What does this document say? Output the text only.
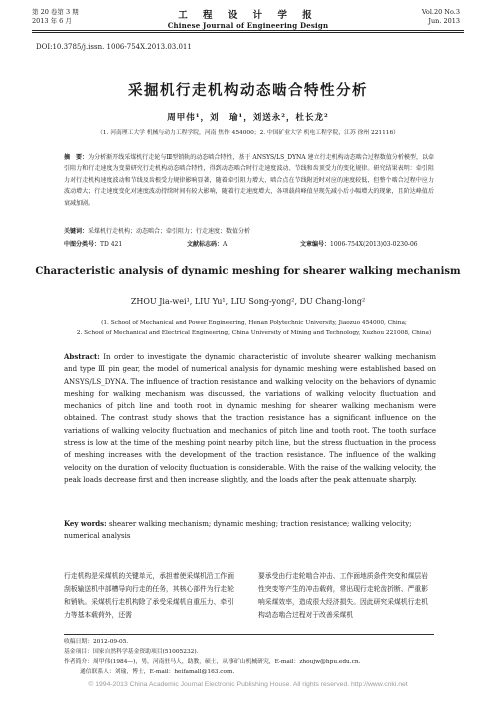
第 20 卷第 3 期
2013 年 6 月	工 程 设 计 学 报
Chinese Journal of Engineering Design
Vol.20 No.3
Jun. 2013
DOI:10.3785/j.issn. 1006-754X.2013.03.011
采掘机行走机构动态啮合特性分析
周甲伟¹，刘　瑜¹，刘送永²，杜长龙²
（1. 河南理工大学 机械与动力工程学院，河南 焦作 454000；2. 中国矿业大学 机电工程学院，江苏 徐州 221116）
摘　要：为分析渐开线采煤机行走轮与Ⅲ型销轨的动态啮合特性，基于 ANSYS/LS_DYNA 建立行走机构动态啮合过程数值分析模型，以牵引阻力和行走速度为变量研究行走机构动态啮合特性，得到动态啮合时行走速度波动、节线和齿顶受力的变化规律。研究结果表明：牵引阻力对行走机构速度波动和节线及齿根受力规律影响显著，随着牵引阻力增大，啮合点在节线附近时对应的速度较低，但整个啮合过程中应力波动增大；行走速度变化对速度波动持续时间有较大影响，随着行走速度增大，各项载荷峰值呈现先减小后小幅增大的现象，且阶达峰值后衰减加剧。
关键词：采煤机行走机构；动态啮合；牵引阻力；行走速度；数值分析
中图分类号：TD 421	文献标志码：A	文章编号：1006-754X(2013)03-0230-06
Characteristic analysis of dynamic meshing for shearer walking mechanism
ZHOU Jia-wei¹, LIU Yu¹, LIU Song-yong², DU Chang-long²
(1. School of Mechanical and Power Engineering, Henan Polytechnic University, Jiaozuo 454000, China;
2. School of Mechanical and Electrical Engineering, China University of Mining and Technology, Xuzhou 221008, China)
Abstract: In order to investigate the dynamic characteristic of involute shearer walking mechanism and type Ⅲ pin gear, the model of numerical analysis for dynamic meshing were established based on ANSYS/LS_DYNA. The influence of traction resistance and walking velocity on the behaviors of dynamic meshing for walking mechanism was discussed, the variations of walking velocity fluctuation and mechanics of pitch line and tooth root in dynamic meshing for shearer walking mechanism were obtained. The contrast study shows that the traction resistance has a significant influence on the variations of walking velocity fluctuation and mechanics of pitch line and tooth root. The tooth surface stress is low at the time of the meshing point nearby pitch line, but the stress fluctuation in the process of meshing increases with the development of the traction resistance. The influence of the walking velocity on the duration of velocity fluctuation is considerable. With the raise of the walking velocity, the peak loads decrease first and then increase slightly, and the loads after the peak attenuate sharply.
Key words: shearer walking mechanism; dynamic meshing; traction resistance; walking velocity; numerical analysis
行走机构是采煤机的关键单元，承担着使采煤机沿工作面刮板输送机中部槽导向行走的任务，其核心部件为行走轮和销轨。采煤机行走机构除了承受采煤机自重压力、牵引力等基本载荷外，还需
要承受由行走轮啮合冲击、工作面地质条件突变和煤层岩性突变等产生的冲击载荷，常出现行走轮齿折断、严重影响采煤效率，造成很大经济损失。因此研究采煤机行走机构动态啮合过程对于改善采煤机
收稿日期：2012-09-05.
基金项目：国家自然科学基金资助项目(51005232).
作者简介：周甲伟(1984—)，男，河南驻马人，助教，硕士，从事矿山机械研究，E-mail：zhoujw@hpu.edu.cn.
通信联系人：刘瑜，博士，E-mail：heifamall@163.com.
© 1994-2013 China Academic Journal Electronic Publishing House. All rights reserved. http://www.cnki.net
